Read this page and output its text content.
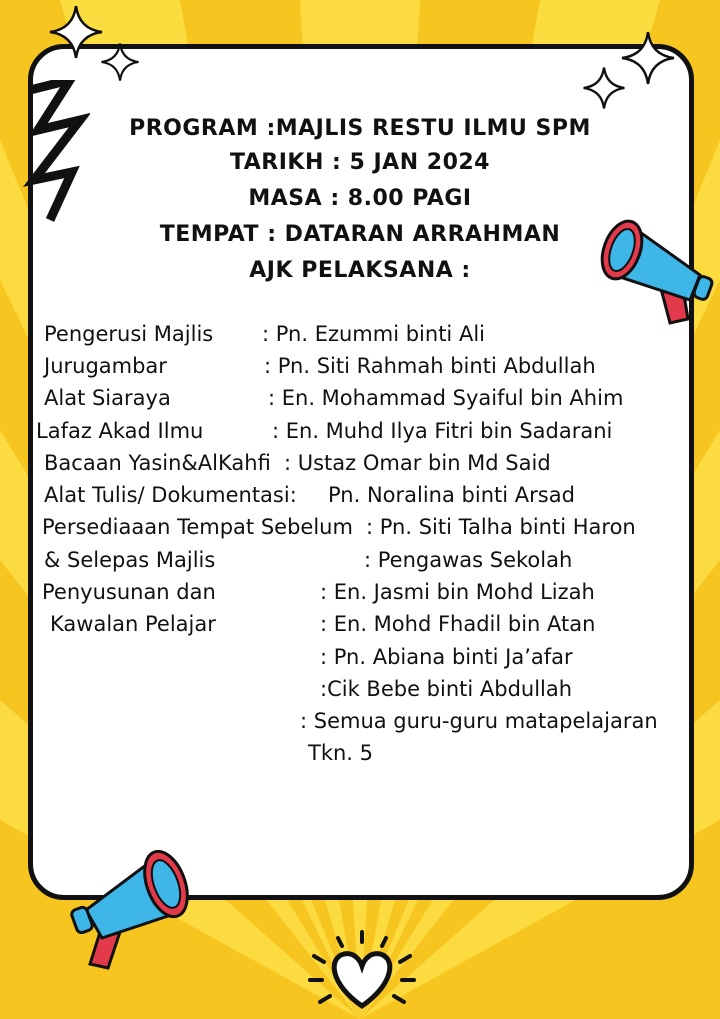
PROGRAM :MAJLIS RESTU ILMU SPM
TARIKH : 5 JAN 2024
MASA : 8.00 PAGI
TEMPAT : DATARAN ARRAHMAN
AJK PELAKSANA :
Pengerusi Majlis : Pn. Ezummi binti Ali
Jurugambar	: Pn. Siti Rahmah binti Abdullah
Alat Siaraya	: En. Mohammad Syaiful bin Ahim
Lafaz Akad Ilmu	: En. Muhd Ilya Fitri bin Sadarani
Bacaan Yasin&AlKahfi : Ustaz Omar bin Md Said
Alat Tulis/ Dokumentasi: Pn. Noralina binti Arsad
Persediaaan Tempat Sebelum : Pn. Siti Talha binti Haron
& Selepas Majlis	: Pengawas Sekolah
Penyusunan dan	: En. Jasmi bin Mohd Lizah
Kawalan Pelajar	: En. Mohd Fhadil bin Atan
: Pn. Abiana binti Ja’afar
:Cik Bebe binti Abdullah
: Semua guru-guru matapelajaran
Tkn. 5
